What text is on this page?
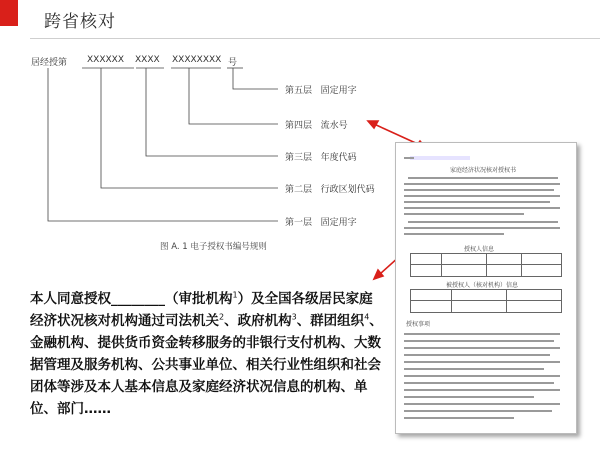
跨省核对
居经授第 XXXXXX XXXX XXXXXXXX 号
第五层 固定用字
第四层 流水号
第三层 年度代码
第二层 行政区划代码
第一层 固定用字
图 A. 1 电子授权书编号规则
本人同意授权________（审批机构$^1$）及全国各级居民家庭经济状况核对机构通过司法机关$^2$、政府机构$^3$、群团组织$^4$、金融机构、提供货币资金转移服务的非银行支付机构、大数据管理及服务机构、公共事业单位、相关行业性组织和社会团体等涉及本人基本信息及家庭经济状况信息的机构、单位、部门……
家庭经济状况核对授权书
授权人信息
被授权人（核对机构）信息
授权事项
